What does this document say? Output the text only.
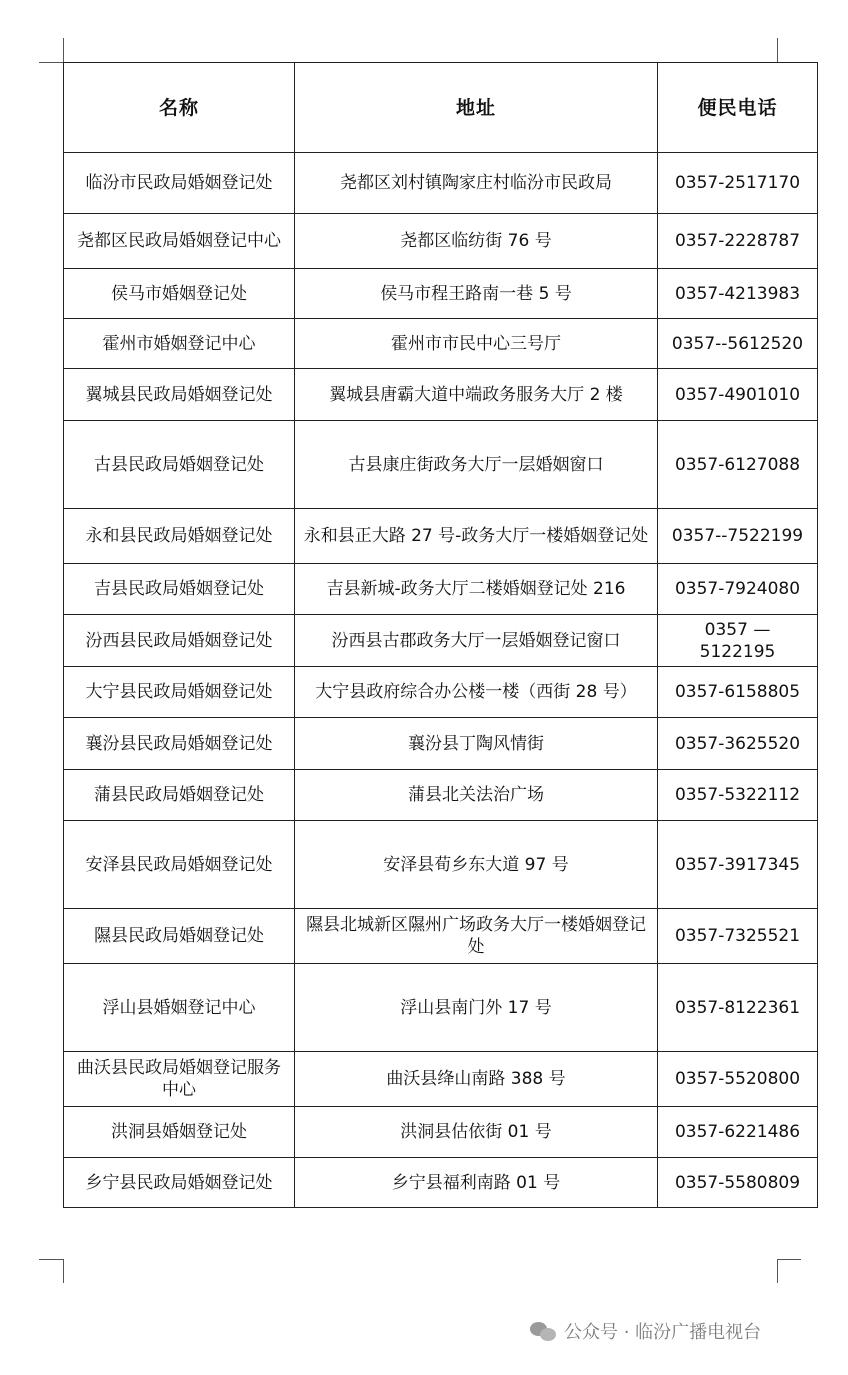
名称	地址	便民电话
临汾市民政局婚姻登记处	尧都区刘村镇陶家庄村临汾市民政局	0357-2517170
尧都区民政局婚姻登记中心	尧都区临纺街 76 号	0357-2228787
侯马市婚姻登记处	侯马市程王路南一巷 5 号	0357-4213983
霍州市婚姻登记中心	霍州市市民中心三号厅	0357--5612520
翼城县民政局婚姻登记处	翼城县唐霸大道中端政务服务大厅 2 楼	0357-4901010
古县民政局婚姻登记处	古县康庄街政务大厅一层婚姻窗口	0357-6127088
永和县民政局婚姻登记处	永和县正大路 27 号-政务大厅一楼婚姻登记处	0357--7522199
吉县民政局婚姻登记处	吉县新城-政务大厅二楼婚姻登记处 216	0357-7924080
汾西县民政局婚姻登记处	汾西县古郡政务大厅一层婚姻登记窗口	0357 — 5122195
大宁县民政局婚姻登记处	大宁县政府综合办公楼一楼（西街 28 号）	0357-6158805
襄汾县民政局婚姻登记处	襄汾县丁陶风情街	0357-3625520
蒲县民政局婚姻登记处	蒲县北关法治广场	0357-5322112
安泽县民政局婚姻登记处	安泽县荀乡东大道 97 号	0357-3917345
隰县民政局婚姻登记处	隰县北城新区隰州广场政务大厅一楼婚姻登记处	0357-7325521
浮山县婚姻登记中心	浮山县南门外 17 号	0357-8122361
曲沃县民政局婚姻登记服务中心	曲沃县绛山南路 388 号	0357-5520800
洪洞县婚姻登记处	洪洞县估依街 01 号	0357-6221486
乡宁县民政局婚姻登记处	乡宁县福利南路 01 号	0357-5580809
公众号 · 临汾广播电视台
